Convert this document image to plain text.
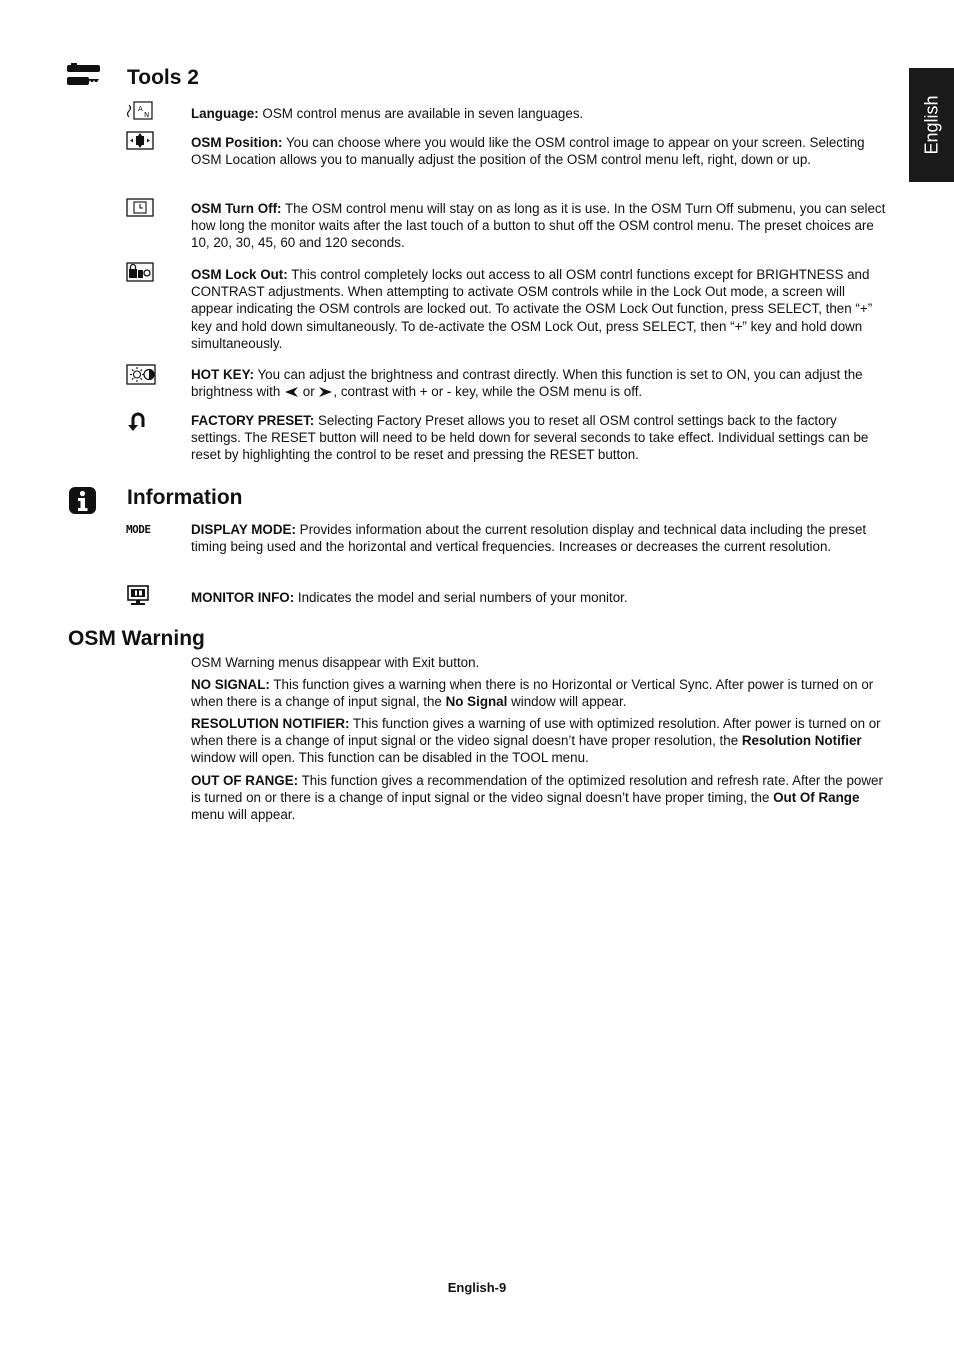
English
Tools 2
A
N	Language: OSM control menus are available in seven languages.

OSM Position: You can choose where you would like the OSM control image to appear on your screen. Selecting OSM Location allows you to manually adjust the position of the OSM control menu left, right, down or up.

OSM Turn Off: The OSM control menu will stay on as long as it is use. In the OSM Turn Off submenu, you can select how long the monitor waits after the last touch of a button to shut off the OSM control menu. The preset choices are 10, 20, 30, 45, 60 and 120 seconds.

OSM Lock Out: This control completely locks out access to all OSM contrl functions except for BRIGHTNESS and CONTRAST adjustments. When attempting to activate OSM controls while in the Lock Out mode, a screen will appear indicating the OSM controls are locked out. To activate the OSM Lock Out function, press SELECT, then “+” key and hold down simultaneously. To de-activate the OSM Lock Out, press SELECT, then “+” key and hold down simultaneously.

HOT KEY: You can adjust the brightness and contrast directly. When this function is set to ON, you can adjust the brightness with  or , contrast with + or - key, while the OSM menu is off.

FACTORY PRESET: Selecting Factory Preset allows you to reset all OSM control settings back to the factory settings. The RESET button will need to be held down for several seconds to take effect. Individual settings can be reset by highlighting the control to be reset and pressing the RESET button.

Information
MODE	DISPLAY MODE: Provides information about the current resolution display and technical data including the preset timing being used and the horizontal and vertical frequencies. Increases or decreases the current resolution.

MONITOR INFO: Indicates the model and serial numbers of your monitor.

OSM Warning

OSM Warning menus disappear with Exit button.

NO SIGNAL: This function gives a warning when there is no Horizontal or Vertical Sync. After power is turned on or when there is a change of input signal, the No Signal window will appear.

RESOLUTION NOTIFIER: This function gives a warning of use with optimized resolution. After power is turned on or when there is a change of input signal or the video signal doesn’t have proper resolution, the Resolution Notifier window will open. This function can be disabled in the TOOL menu.

OUT OF RANGE: This function gives a recommendation of the optimized resolution and refresh rate. After the power is turned on or there is a change of input signal or the video signal doesn’t have proper timing, the Out Of Range menu will appear.

English-9
